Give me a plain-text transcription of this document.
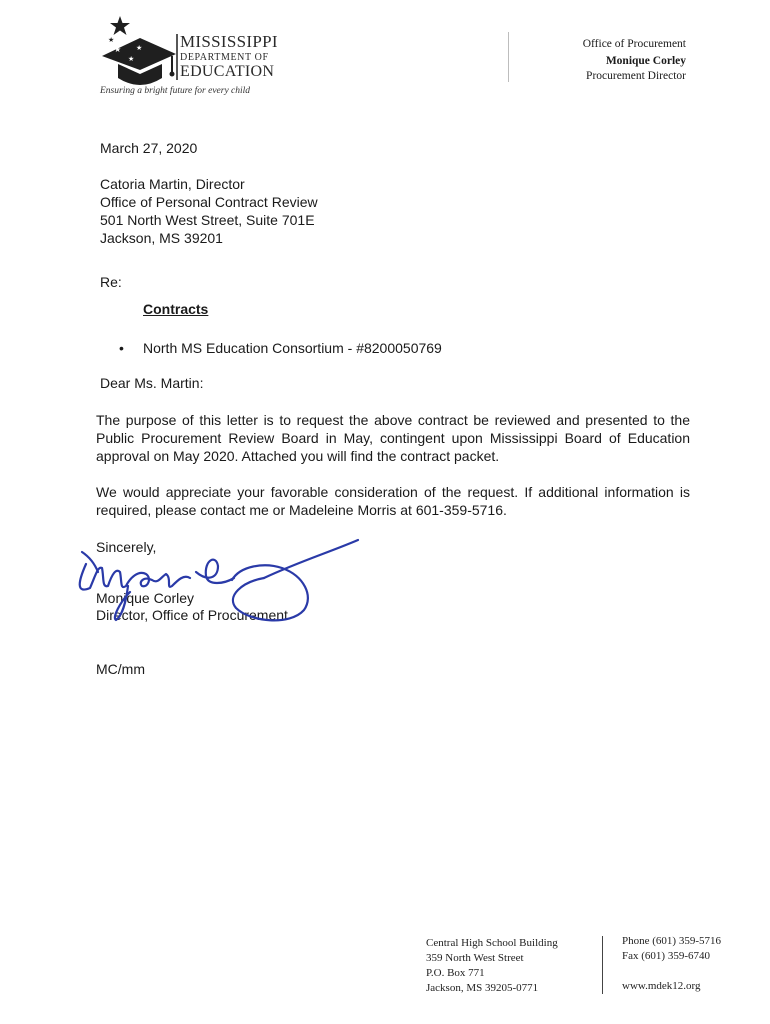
★ ★
★
★	MISSISSIPPI
DEPARTMENT OF
EDUCATION
Ensuring a bright future for every child
Office of Procurement
Monique Corley
Procurement Director
March 27, 2020
Catoria Martin, Director
Office of Personal Contract Review
501 North West Street, Suite 701E
Jackson, MS 39201
Re:
Contracts
• North MS Education Consortium - #8200050769
Dear Ms. Martin:
The purpose of this letter is to request the above contract be reviewed and presented to the Public Procurement Review Board in May, contingent upon Mississippi Board of Education approval on May 2020. Attached you will find the contract packet.
We would appreciate your favorable consideration of the request. If additional information is required, please contact me or Madeleine Morris at 601-359-5716.
Sincerely,
Monique Corley
Director, Office of Procurement
MC/mm
Central High School Building
359 North West Street
P.O. Box 771
Jackson, MS 39205-0771
Phone (601) 359-5716
Fax (601) 359-6740
www.mdek12.org
